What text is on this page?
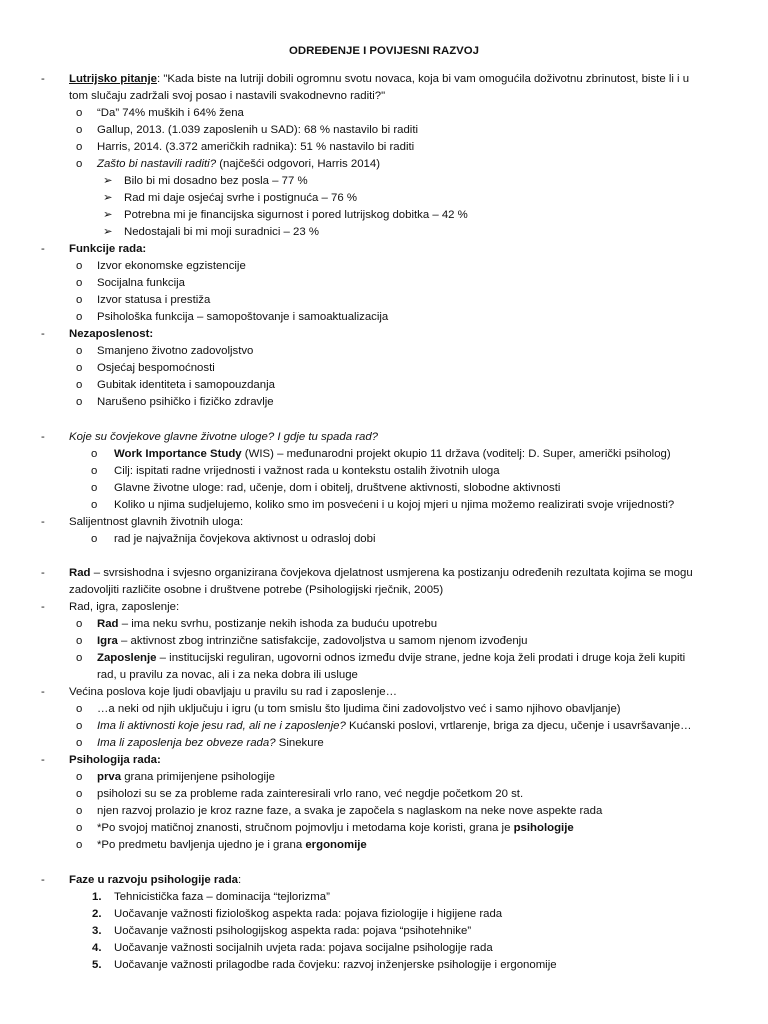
ODREĐENJE I POVIJESNI RAZVOJ
- Lutrijsko pitanje: "Kada biste na lutriji dobili ogromnu svotu novaca, koja bi vam omogućila doživotnu zbrinutost, biste li i u
tom slučaju zadržali svoj posao i nastavili svakodnevno raditi?"
o “Da” 74% muških i 64% žena
o Gallup, 2013. (1.039 zaposlenih u SAD): 68 % nastavilo bi raditi
o Harris, 2014. (3.372 američkih radnika): 51 % nastavilo bi raditi
o Zašto bi nastavili raditi? (najčešći odgovori, Harris 2014)
➢ Bilo bi mi dosadno bez posla – 77 %
➢ Rad mi daje osjećaj svrhe i postignuća – 76 %
➢ Potrebna mi je financijska sigurnost i pored lutrijskog dobitka – 42 %
➢ Nedostajali bi mi moji suradnici – 23 %
- Funkcije rada:
o Izvor ekonomske egzistencije
o Socijalna funkcija
o Izvor statusa i prestiža
o Psihološka funkcija – samopoštovanje i samoaktualizacija
- Nezaposlenost:
o Smanjeno životno zadovoljstvo
o Osjećaj bespomoćnosti
o Gubitak identiteta i samopouzdanja
o Narušeno psihičko i fizičko zdravlje
- Koje su čovjekove glavne životne uloge? I gdje tu spada rad?
o Work Importance Study (WIS) – međunarodni projekt okupio 11 država (voditelj: D. Super, američki psiholog)
o Cilj: ispitati radne vrijednosti i važnost rada u kontekstu ostalih životnih uloga
o Glavne životne uloge: rad, učenje, dom i obitelj, društvene aktivnosti, slobodne aktivnosti
o Koliko u njima sudjelujemo, koliko smo im posvećeni i u kojoj mjeri u njima možemo realizirati svoje vrijednosti?
- Salijentnost glavnih životnih uloga:
o rad je najvažnija čovjekova aktivnost u odrasloj dobi
- Rad – svrsishodna i svjesno organizirana čovjekova djelatnost usmjerena ka postizanju određenih rezultata kojima se mogu
zadovoljiti različite osobne i društvene potrebe (Psihologijski rječnik, 2005)
- Rad, igra, zaposlenje:
o Rad – ima neku svrhu, postizanje nekih ishoda za buduću upotrebu
o Igra – aktivnost zbog intrinzične satisfakcije, zadovoljstva u samom njenom izvođenju
o Zaposlenje – institucijski reguliran, ugovorni odnos između dvije strane, jedne koja želi prodati i druge koja želi kupiti
rad, u pravilu za novac, ali i za neka dobra ili usluge
- Većina poslova koje ljudi obavljaju u pravilu su rad i zaposlenje…
o …a neki od njih uključuju i igru (u tom smislu što ljudima čini zadovoljstvo već i samo njihovo obavljanje)
o Ima li aktivnosti koje jesu rad, ali ne i zaposlenje? Kućanski poslovi, vrtlarenje, briga za djecu, učenje i usavršavanje…
o Ima li zaposlenja bez obveze rada? Sinekure
- Psihologija rada:
o prva grana primijenjene psihologije
o psiholozi su se za probleme rada zainteresirali vrlo rano, već negdje početkom 20 st.
o njen razvoj prolazio je kroz razne faze, a svaka je započela s naglaskom na neke nove aspekte rada
o *Po svojoj matičnoj znanosti, stručnom pojmovlju i metodama koje koristi, grana je psihologije
o *Po predmetu bavljenja ujedno je i grana ergonomije
- Faze u razvoju psihologije rada:
1. Tehnicistička faza – dominacija “tejlorizma”
2. Uočavanje važnosti fiziološkog aspekta rada: pojava fiziologije i higijene rada
3. Uočavanje važnosti psihologijskog aspekta rada: pojava “psihotehnike”
4. Uočavanje važnosti socijalnih uvjeta rada: pojava socijalne psihologije rada
5. Uočavanje važnosti prilagodbe rada čovjeku: razvoj inženjerske psihologije i ergonomije
